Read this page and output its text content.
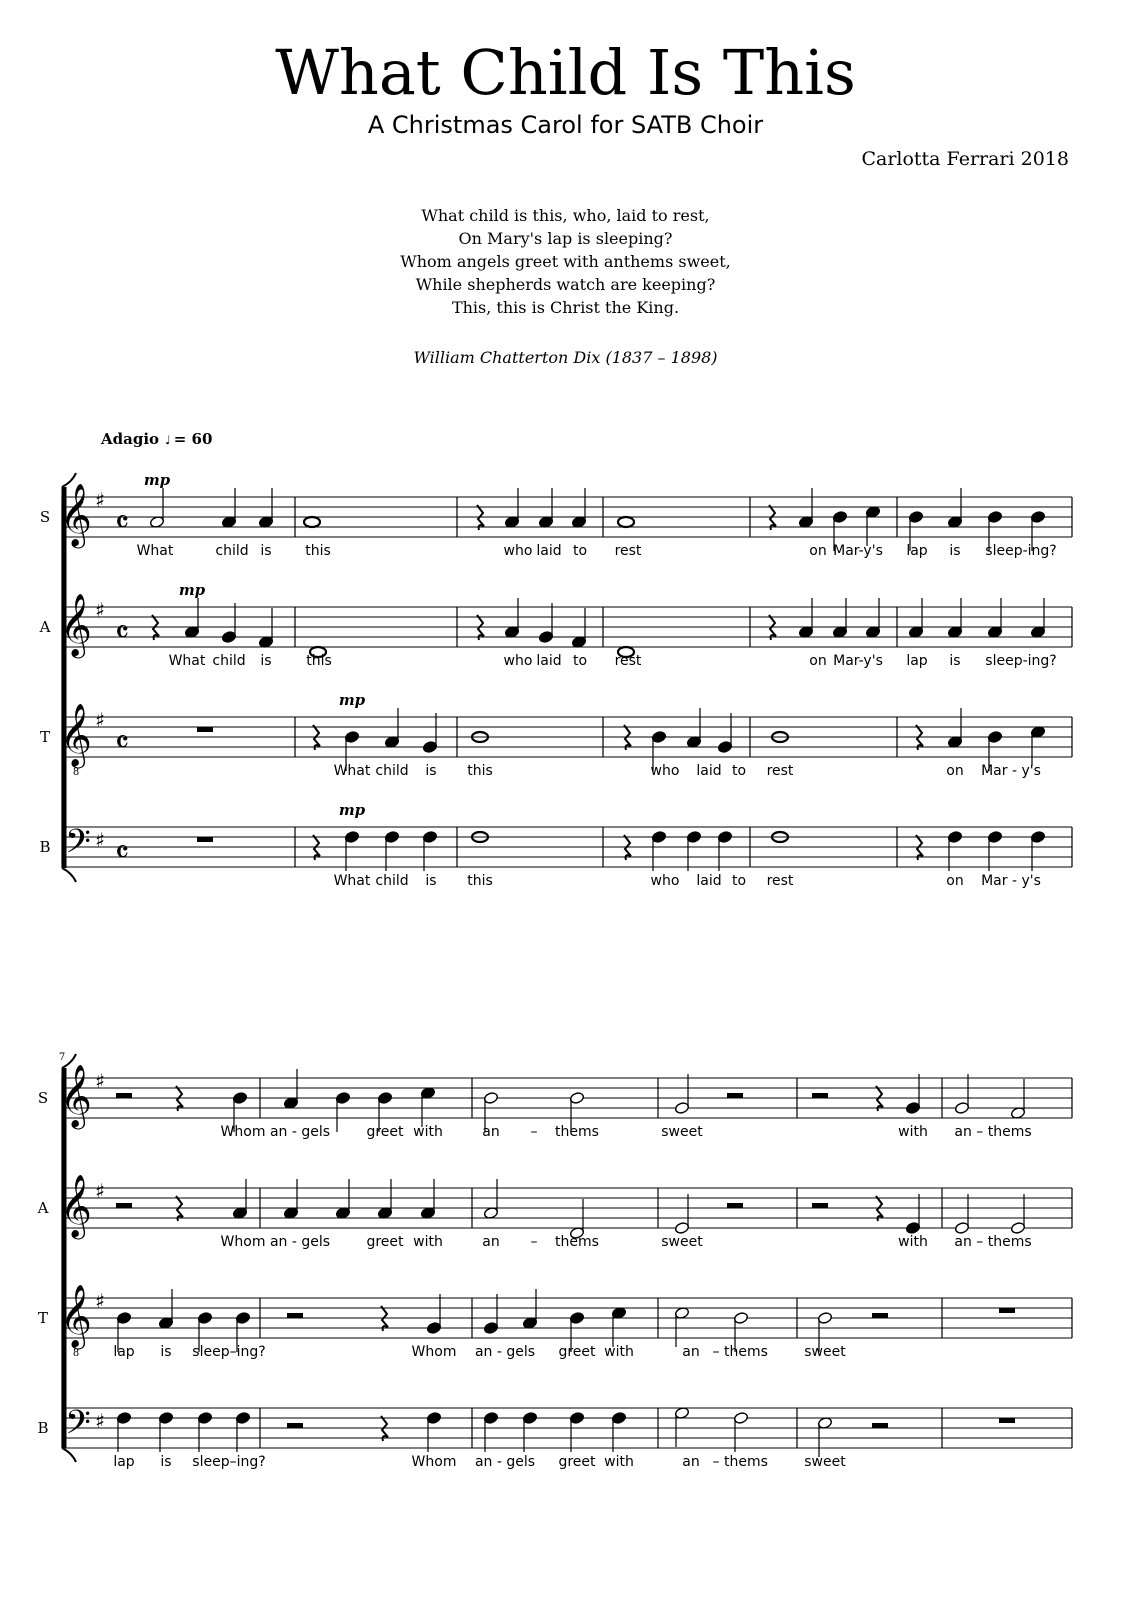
What Child Is This
A Christmas Carol for SATB Choir
Carlotta Ferrari 2018
What child is this, who, laid to rest,
On Mary's lap is sleeping?
Whom angels greet with anthems sweet,
While shepherds watch are keeping?
This, this is Christ the King.
William Chatterton Dix (1837 – 1898)
Adagio ♩ = 60
𝄞 ♯
S 𝄴
𝄞 ♯
A 𝄴
𝄞
8
♯
T 𝄴
𝄢 ♯
B 𝄴
mp
mp
mp
mp
What	child is this	who laid to rest	on Mar-y's lap is sleep-ing?
What child is this	who laid to rest	on Mar-y's lap is sleep-ing?
What child is this	who laid to rest	on Mar - y's
What child is this	who laid to rest	on Mar - y's
7
𝄞 ♯
S
𝄞 ♯
A
𝄞
8
♯
T
𝄢 ♯
B
Whom an - gels	greet with	an – thems	sweet	with an – thems
Whom an - gels	greet with	an – thems	sweet	with an – thems
lap is sleep–ing?	Whom an - gels greet with	an – thems	sweet
lap is sleep–ing?	Whom an - gels greet with	an – thems	sweet
